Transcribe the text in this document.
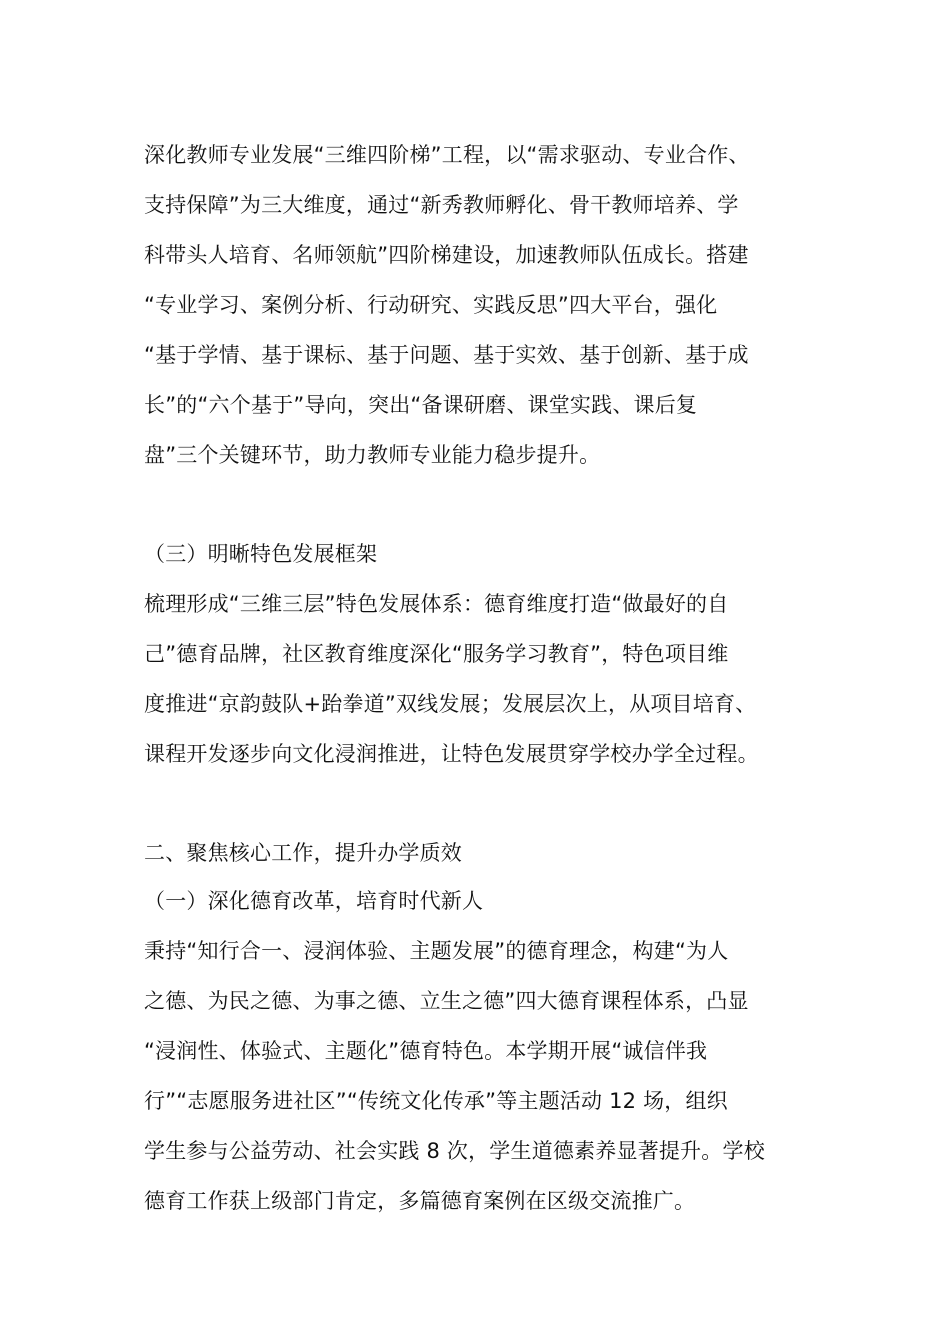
深化教师专业发展“三维四阶梯”工程，以“需求驱动、专业合作、
支持保障”为三大维度，通过“新秀教师孵化、骨干教师培养、学
科带头人培育、名师领航”四阶梯建设，加速教师队伍成长。搭建
“专业学习、案例分析、行动研究、实践反思”四大平台，强化
“基于学情、基于课标、基于问题、基于实效、基于创新、基于成
长”的“六个基于”导向，突出“备课研磨、课堂实践、课后复
盘”三个关键环节，助力教师专业能力稳步提升。
（三）明晰特色发展框架
梳理形成“三维三层”特色发展体系：德育维度打造“做最好的自
己”德育品牌，社区教育维度深化“服务学习教育”，特色项目维
度推进“京韵鼓队+跆拳道”双线发展；发展层次上，从项目培育、
课程开发逐步向文化浸润推进，让特色发展贯穿学校办学全过程。
二、聚焦核心工作，提升办学质效
（一）深化德育改革，培育时代新人
秉持“知行合一、浸润体验、主题发展”的德育理念，构建“为人
之德、为民之德、为事之德、立生之德”四大德育课程体系，凸显
“浸润性、体验式、主题化”德育特色。本学期开展“诚信伴我
行”“志愿服务进社区”“传统文化传承”等主题活动 12 场，组织
学生参与公益劳动、社会实践 8 次，学生道德素养显著提升。学校
德育工作获上级部门肯定，多篇德育案例在区级交流推广。
